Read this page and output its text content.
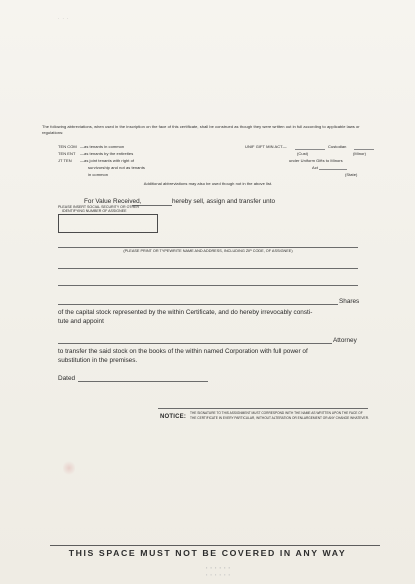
· · ·
The following abbreviations, when used in the inscription on the face of this certificate, shall be construed as though they were written out in full according to applicable laws or regulations:
TEN COM —as tenants in common
TEN ENT —as tenants by the entireties
JT TEN —as joint tenants with right of
survivorship and not as tenants
in common
UNIF GIFT MIN ACT—	Custodian
(Cust)	(Minor)
under Uniform Gifts to Minors
Act
(State)
Additional abbreviations may also be used though not in the above list.
For Value Received,	hereby sell, assign and transfer unto
PLEASE INSERT SOCIAL SECURITY OR OTHER
IDENTIFYING NUMBER OF ASSIGNEE
(PLEASE PRINT OR TYPEWRITE NAME AND ADDRESS, INCLUDING ZIP CODE, OF ASSIGNEE)
Shares
of the capital stock represented by the within Certificate, and do hereby irrevocably consti-
tute and appoint
Attorney
to transfer the said stock on the books of the within named Corporation with full power of
substitution in the premises.
Dated
NOTICE:
THE SIGNATURE TO THIS ASSIGNMENT MUST CORRESPOND WITH THE NAME AS WRITTEN UPON THE FACE OF
THE CERTIFICATE IN EVERY PARTICULAR, WITHOUT ALTERATION OR ENLARGEMENT OR ANY CHANGE WHATEVER.
THIS SPACE MUST NOT BE COVERED IN ANY WAY
▪ ▪ ▪ ▪ ▪ ▪
▪ ▪ ▪ ▪ ▪ ▪
